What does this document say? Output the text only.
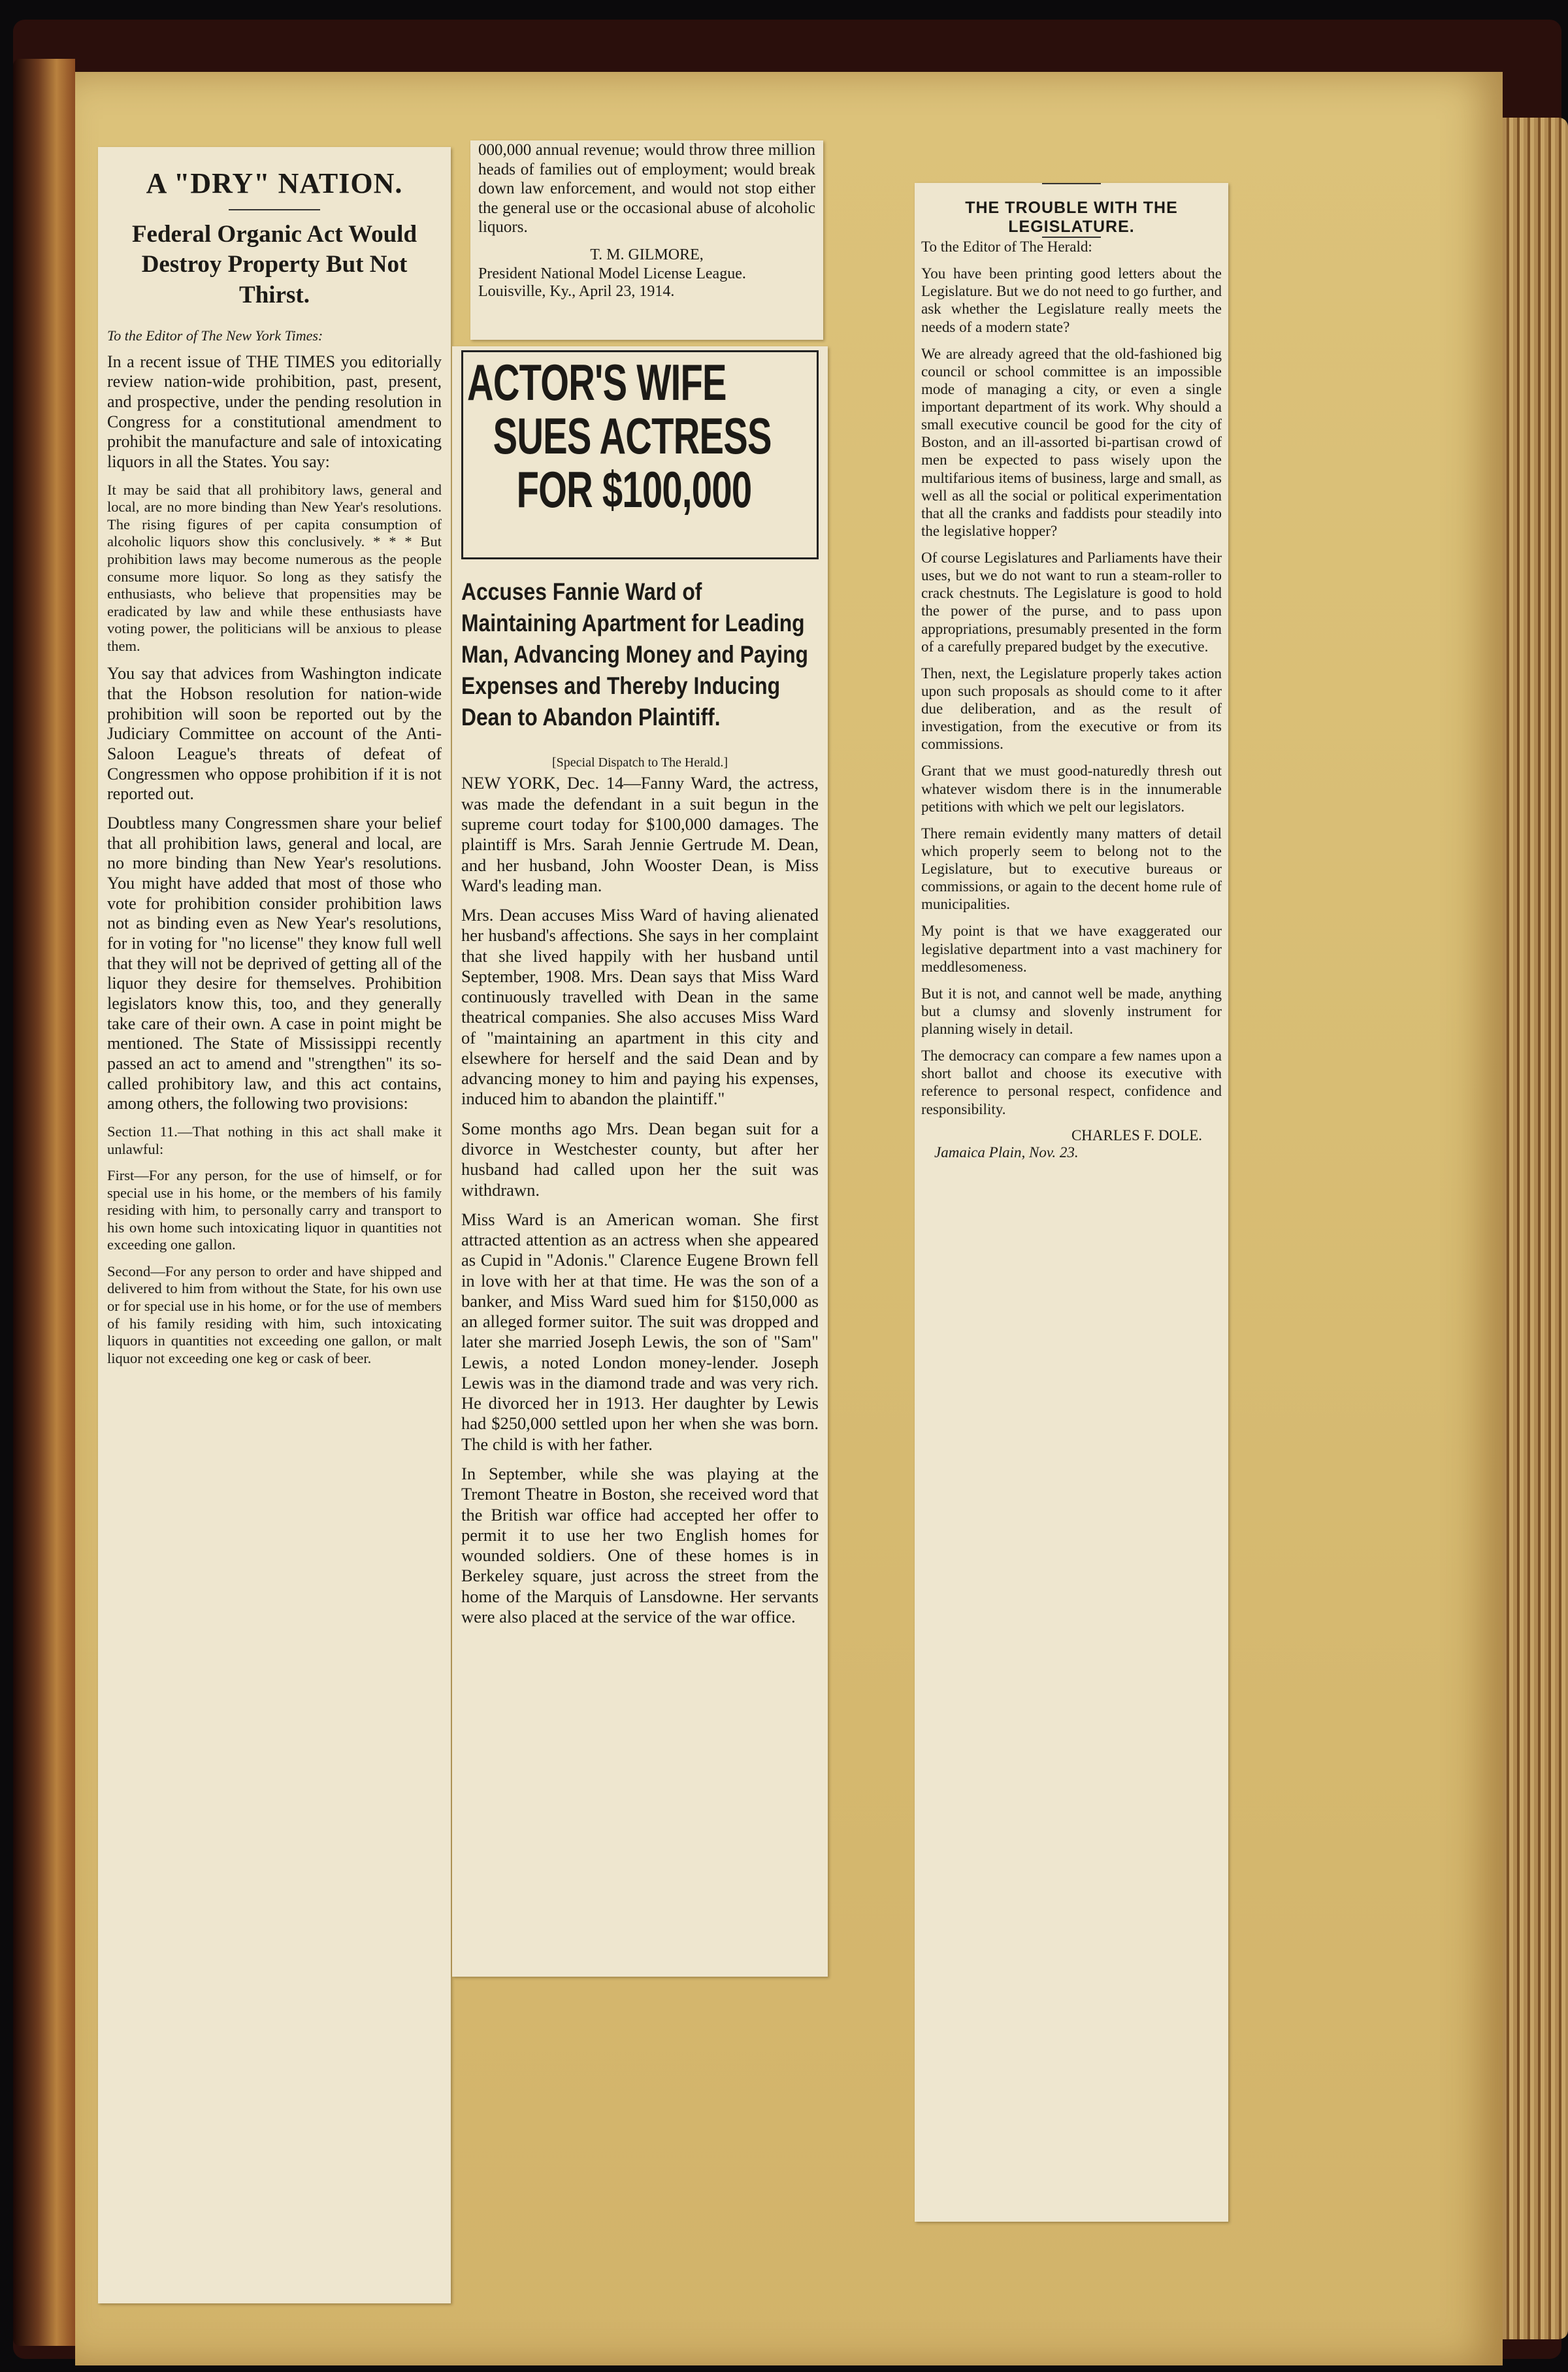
A "DRY" NATION.
Federal Organic Act Would Destroy Property But Not Thirst.
To the Editor of The New York Times:

In a recent issue of THE TIMES you editorially review nation-wide prohibition, past, present, and prospective, under the pending resolution in Congress for a constitutional amendment to prohibit the manufacture and sale of intoxicating liquors in all the States. You say:

It may be said that all prohibitory laws, general and local, are no more binding than New Year's resolutions. The rising figures of per capita consumption of alcoholic liquors show this conclusively. * * * But prohibition laws may become numerous as the people consume more liquor. So long as they satisfy the enthusiasts, who believe that propensities may be eradicated by law and while these enthusiasts have voting power, the politicians will be anxious to please them.

You say that advices from Washington indicate that the Hobson resolution for nation-wide prohibition will soon be reported out by the Judiciary Committee on account of the Anti-Saloon League's threats of defeat of Congressmen who oppose prohibition if it is not reported out.

Doubtless many Congressmen share your belief that all prohibition laws, general and local, are no more binding than New Year's resolutions. You might have added that most of those who vote for prohibition consider prohibition laws not as binding even as New Year's resolutions, for in voting for "no license" they know full well that they will not be deprived of getting all of the liquor they desire for themselves. Prohibition legislators know this, too, and they generally take care of their own. A case in point might be mentioned. The State of Mississippi recently passed an act to amend and "strengthen" its so-called prohibitory law, and this act contains, among others, the following two provisions:

Section 11.—That nothing in this act shall make it unlawful:

First—For any person, for the use of himself, or for special use in his home, or the members of his family residing with him, to personally carry and transport to his own home such intoxicating liquor in quantities not exceeding one gallon.

Second—For any person to order and have shipped and delivered to him from without the State, for his own use or for special use in his home, or for the use of members of his family residing with him, such intoxicating liquors in quantities not exceeding one gallon, or malt liquor not exceeding one keg or cask of beer.

000,000 annual revenue; would throw three million heads of families out of employment; would break down law enforcement, and would not stop either the general use or the occasional abuse of alcoholic liquors.

T. M. GILMORE,
President National Model License League.
Louisville, Ky., April 23, 1914.
ACTOR'S WIFE
SUES ACTRESS
FOR $100,000
Accuses Fannie Ward of Maintaining Apartment for Leading Man, Advancing Money and Paying Expenses and Thereby Inducing Dean to Abandon Plaintiff.
[Special Dispatch to The Herald.]

NEW YORK, Dec. 14—Fanny Ward, the actress, was made the defendant in a suit begun in the supreme court today for $100,000 damages. The plaintiff is Mrs. Sarah Jennie Gertrude M. Dean, and her husband, John Wooster Dean, is Miss Ward's leading man.

Mrs. Dean accuses Miss Ward of having alienated her husband's affections. She says in her complaint that she lived happily with her husband until September, 1908. Mrs. Dean says that Miss Ward continuously travelled with Dean in the same theatrical companies. She also accuses Miss Ward of "maintaining an apartment in this city and elsewhere for herself and the said Dean and by advancing money to him and paying his expenses, induced him to abandon the plaintiff."

Some months ago Mrs. Dean began suit for a divorce in Westchester county, but after her husband had called upon her the suit was withdrawn.

Miss Ward is an American woman. She first attracted attention as an actress when she appeared as Cupid in "Adonis." Clarence Eugene Brown fell in love with her at that time. He was the son of a banker, and Miss Ward sued him for $150,000 as an alleged former suitor. The suit was dropped and later she married Joseph Lewis, the son of "Sam" Lewis, a noted London money-lender. Joseph Lewis was in the diamond trade and was very rich. He divorced her in 1913. Her daughter by Lewis had $250,000 settled upon her when she was born. The child is with her father.

In September, while she was playing at the Tremont Theatre in Boston, she received word that the British war office had accepted her offer to permit it to use her two English homes for wounded soldiers. One of these homes is in Berkeley square, just across the street from the home of the Marquis of Lansdowne. Her servants were also placed at the service of the war office.

THE TROUBLE WITH THE LEGISLATURE.

To the Editor of The Herald:

You have been printing good letters about the Legislature. But we do not need to go further, and ask whether the Legislature really meets the needs of a modern state?

We are already agreed that the old-fashioned big council or school committee is an impossible mode of managing a city, or even a single important department of its work. Why should a small executive council be good for the city of Boston, and an ill-assorted bi-partisan crowd of men be expected to pass wisely upon the multifarious items of business, large and small, as well as all the social or political experimentation that all the cranks and faddists pour steadily into the legislative hopper?

Of course Legislatures and Parliaments have their uses, but we do not want to run a steam-roller to crack chestnuts. The Legislature is good to hold the power of the purse, and to pass upon appropriations, presumably presented in the form of a carefully prepared budget by the executive.

Then, next, the Legislature properly takes action upon such proposals as should come to it after due deliberation, and as the result of investigation, from the executive or from its commissions.

Grant that we must good-naturedly thresh out whatever wisdom there is in the innumerable petitions with which we pelt our legislators.

There remain evidently many matters of detail which properly seem to belong not to the Legislature, but to executive bureaus or commissions, or again to the decent home rule of municipalities.

My point is that we have exaggerated our legislative department into a vast machinery for meddlesomeness.

But it is not, and cannot well be made, anything but a clumsy and slovenly instrument for planning wisely in detail.

The democracy can compare a few names upon a short ballot and choose its executive with reference to personal respect, confidence and responsibility.

CHARLES F. DOLE.
Jamaica Plain, Nov. 23.
